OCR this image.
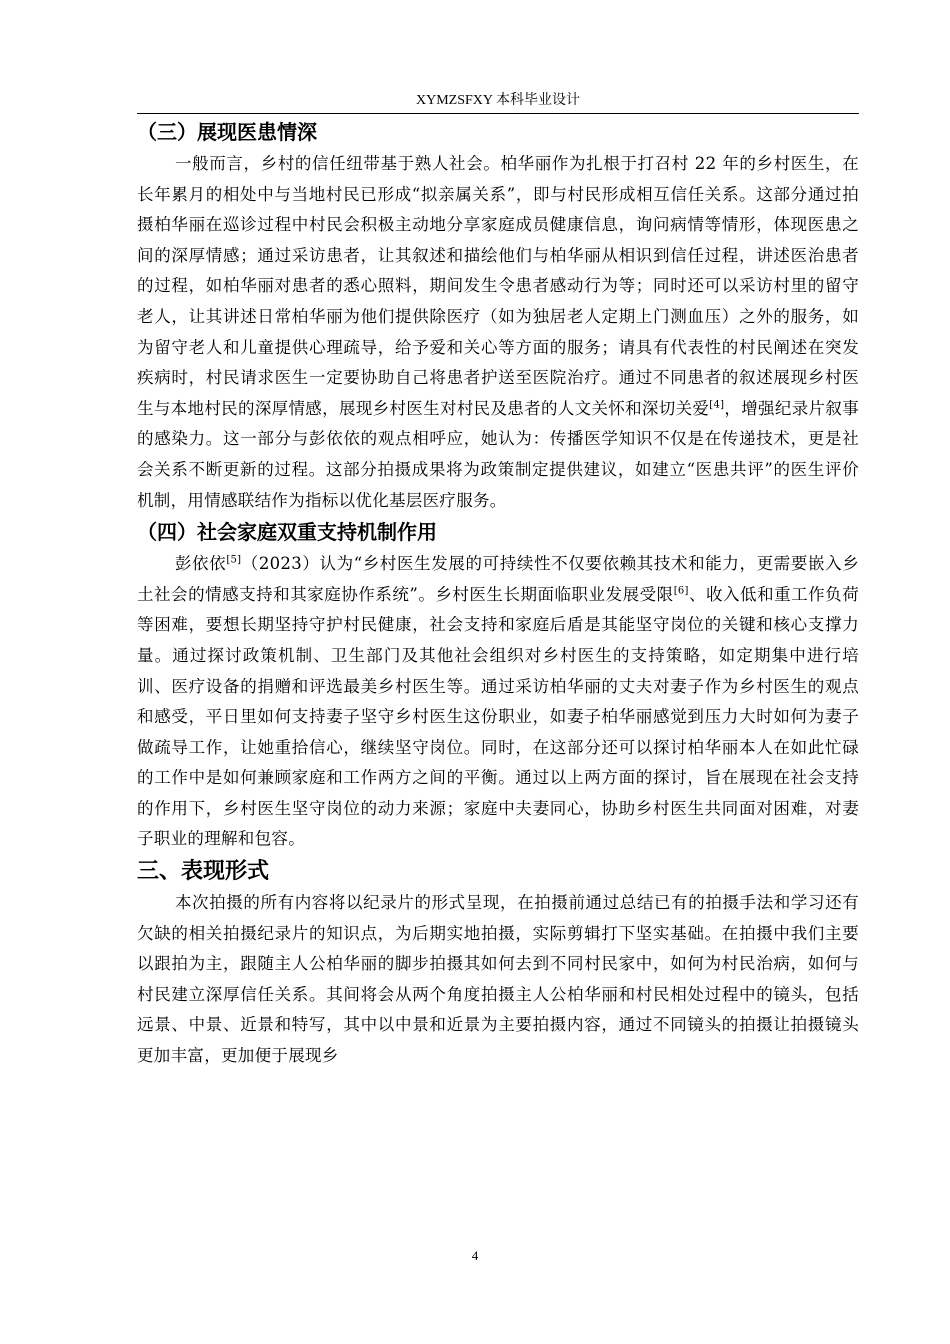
XYMZSFXY 本科毕业设计
（三）展现医患情深

一般而言，乡村的信任纽带基于熟人社会。柏华丽作为扎根于打召村 22 年的乡村医生，在长年累月的相处中与当地村民已形成“拟亲属关系”，即与村民形成相互信任关系。这部分通过拍摄柏华丽在巡诊过程中村民会积极主动地分享家庭成员健康信息，询问病情等情形，体现医患之间的深厚情感；通过采访患者，让其叙述和描绘他们与柏华丽从相识到信任过程，讲述医治患者的过程，如柏华丽对患者的悉心照料，期间发生令患者感动行为等；同时还可以采访村里的留守老人，让其讲述日常柏华丽为他们提供除医疗（如为独居老人定期上门测血压）之外的服务，如为留守老人和儿童提供心理疏导，给予爱和关心等方面的服务；请具有代表性的村民阐述在突发疾病时，村民请求医生一定要协助自己将患者护送至医院治疗。通过不同患者的叙述展现乡村医生与本地村民的深厚情感，展现乡村医生对村民及患者的人文关怀和深切关爱[4]，增强纪录片叙事的感染力。这一部分与彭依依的观点相呼应，她认为：传播医学知识不仅是在传递技术，更是社会关系不断更新的过程。这部分拍摄成果将为政策制定提供建议，如建立“医患共评”的医生评价机制，用情感联结作为指标以优化基层医疗服务。

（四）社会家庭双重支持机制作用

彭依依[5]（2023）认为“乡村医生发展的可持续性不仅要依赖其技术和能力，更需要嵌入乡土社会的情感支持和其家庭协作系统”。乡村医生长期面临职业发展受限[6]、收入低和重工作负荷等困难，要想长期坚持守护村民健康，社会支持和家庭后盾是其能坚守岗位的关键和核心支撑力量。通过探讨政策机制、卫生部门及其他社会组织对乡村医生的支持策略，如定期集中进行培训、医疗设备的捐赠和评选最美乡村医生等。通过采访柏华丽的丈夫对妻子作为乡村医生的观点和感受，平日里如何支持妻子坚守乡村医生这份职业，如妻子柏华丽感觉到压力大时如何为妻子做疏导工作，让她重拾信心，继续坚守岗位。同时，在这部分还可以探讨柏华丽本人在如此忙碌的工作中是如何兼顾家庭和工作两方之间的平衡。通过以上两方面的探讨，旨在展现在社会支持的作用下，乡村医生坚守岗位的动力来源；家庭中夫妻同心，协助乡村医生共同面对困难，对妻子职业的理解和包容。

三、表现形式

本次拍摄的所有内容将以纪录片的形式呈现，在拍摄前通过总结已有的拍摄手法和学习还有欠缺的相关拍摄纪录片的知识点，为后期实地拍摄，实际剪辑打下坚实基础。在拍摄中我们主要以跟拍为主，跟随主人公柏华丽的脚步拍摄其如何去到不同村民家中，如何为村民治病，如何与村民建立深厚信任关系。其间将会从两个角度拍摄主人公柏华丽和村民相处过程中的镜头，包括远景、中景、近景和特写，其中以中景和近景为主要拍摄内容，通过不同镜头的拍摄让拍摄镜头更加丰富，更加便于展现乡

4
